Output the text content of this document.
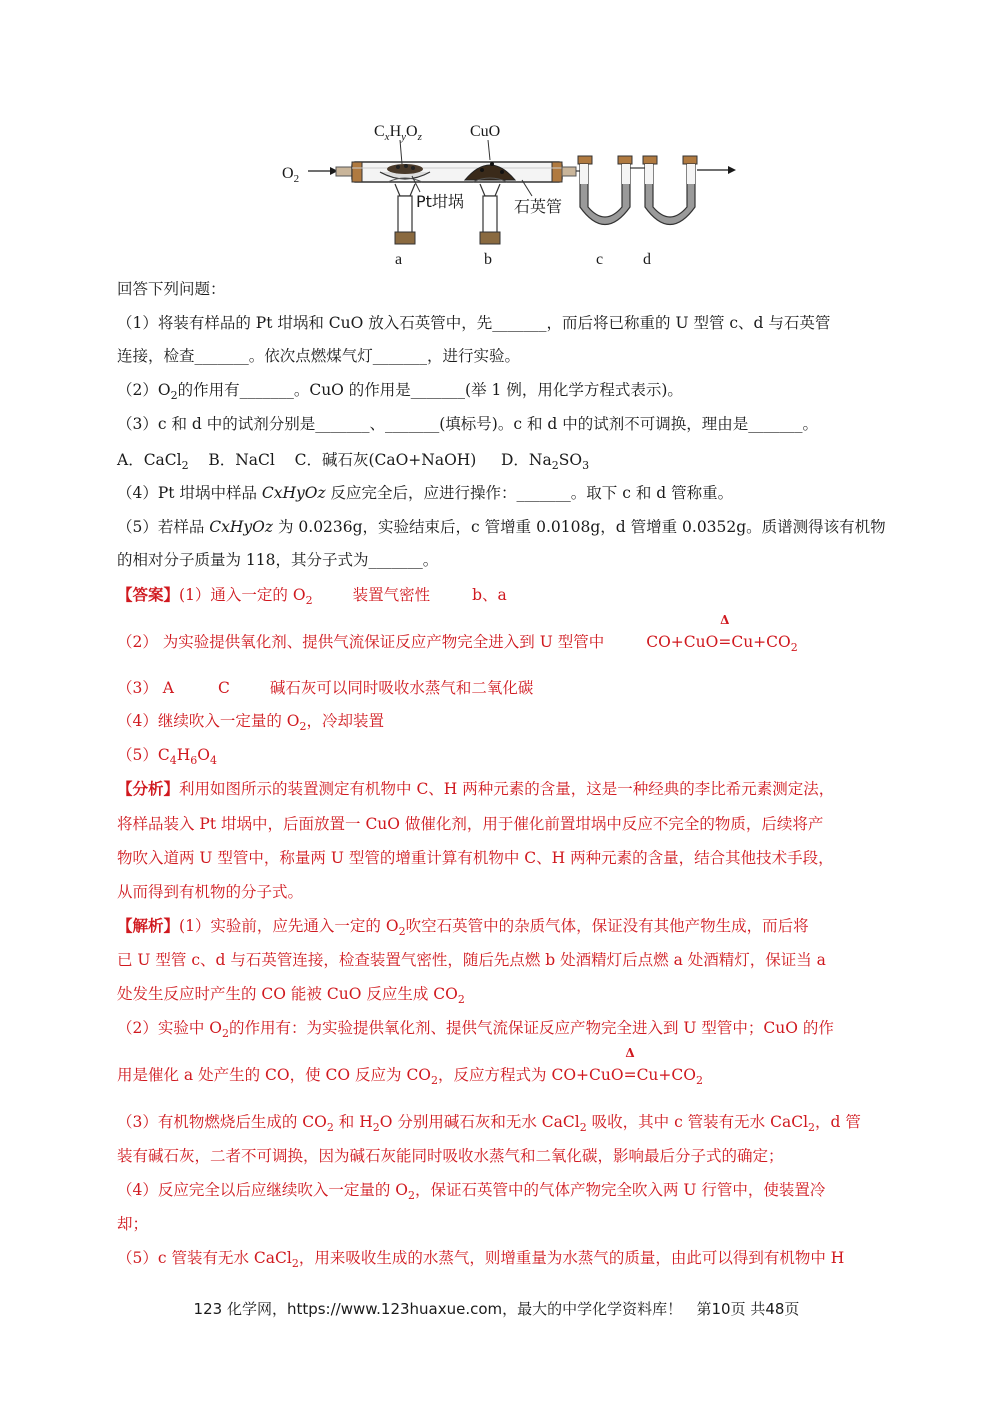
$O_2$
$C_xH_yO_z$	CuO
Pt坩埚	石英管
a	b	c d
回答下列问题：
（1）将装有样品的 Pt 坩埚和 CuO 放入石英管中，先_______，而后将已称重的 U 型管 c、d 与石英管
连接，检查_______。依次点燃煤气灯_______，进行实验。
$(2)O_2$的作用有_______。CuO 的作用是_______(举 1 例，用化学方程式表示)。
（3）c 和 d 中的试剂分别是_______、_______(填标号)。c 和 d 中的试剂不可调换，理由是_______。
A．CaCl$_2$ B．NaCl C．碱石灰(CaO+NaOH) D．$Na_2SO_3$
（4）Pt 坩埚中样品 CxHyOz 反应完全后，应进行操作：_______。取下 c 和 d 管称重。
（5）若样品 CxHyOz 为 0.0236g，实验结束后，c 管增重 0.0108g，d 管增重 0.0352g。质谱测得该有机物
的相对分子质量为 118，其分子式为_______。
【答案】(1）通入一定的 $O_2$	装置气密性	b、a
（2） 为实验提供氧化剂、提供气流保证反应产物完全进入到 U 型管中	CO+CuO
Δ
$=Cu+CO_2$
（3） A	C	碱石灰可以同时吸收水蒸气和二氧化碳
（4）继续吹入一定量的 $O_2$，冷却装置
$(5)C_4H_6O_4$
【分析】利用如图所示的装置测定有机物中 C、H 两种元素的含量，这是一种经典的李比希元素测定法，
将样品装入 Pt 坩埚中，后面放置一 CuO 做催化剂，用于催化前置坩埚中反应不完全的物质，后续将产
物吹入道两 U 型管中，称量两 U 型管的增重计算有机物中 C、H 两种元素的含量，结合其他技术手段，
从而得到有机物的分子式。
【解析】(1）实验前，应先通入一定的 $O_2$吹空石英管中的杂质气体，保证没有其他产物生成，而后将
已 U 型管 c、d 与石英管连接，检查装置气密性，随后先点燃 b 处酒精灯后点燃 a 处酒精灯，保证当 a
处发生反应时产生的 CO 能被 CuO 反应生成 $CO_2$
（2）实验中 $O_2$的作用有：为实验提供氧化剂、提供气流保证反应产物完全进入到 U 型管中；CuO 的作
用是催化 a 处产生的 CO，使 CO 反应为 $CO_2$，反应方程式为 CO+CuO
Δ
$=Cu+CO_2$
（3）有机物燃烧后生成的 $CO_2$ 和 $H_2O$ 分别用碱石灰和无水 CaCl$_2$ 吸收，其中 c 管装有无水 CaCl$_2$，d 管
装有碱石灰，二者不可调换，因为碱石灰能同时吸收水蒸气和二氧化碳，影响最后分子式的确定；
（4）反应完全以后应继续吹入一定量的 $O_2$，保证石英管中的气体产物完全吹入两 U 行管中，使装置冷
却；
（5）c 管装有无水 CaCl$_2$，用来吸收生成的水蒸气，则增重量为水蒸气的质量，由此可以得到有机物中 H
123 化学网，https://www.123huaxue.com，最大的中学化学资料库！ 第10页 共48页
